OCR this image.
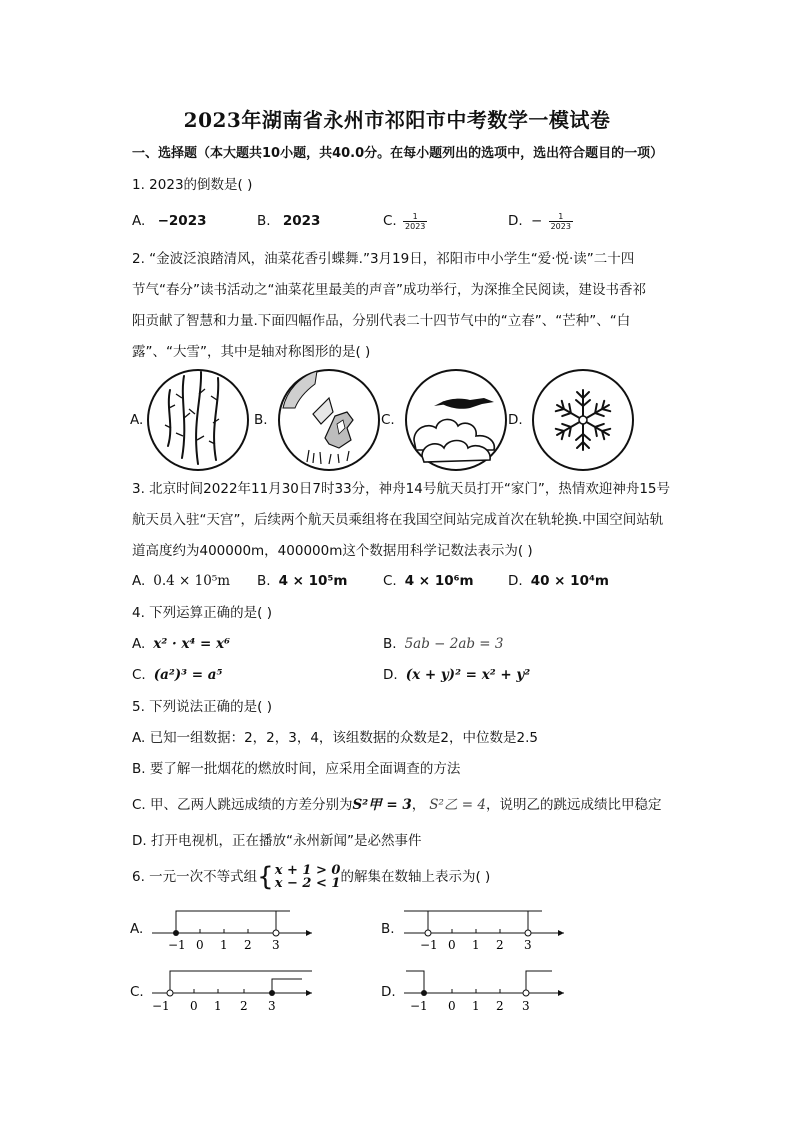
2023年湖南省永州市祁阳市中考数学一模试卷
一、选择题（本大题共10小题，共40.0分。在每小题列出的选项中，选出符合题目的一项）
1. 2023的倒数是( )
A. −2023	B. 2023	C. $\frac{1}{2023}$	D. − $\frac{1}{2023}$
2. “金波泛浪踏清风，油菜花香引蝶舞.”3月19日，祁阳市中小学生“爱·悦·读”二十四
节气“春分”读书活动之“油菜花里最美的声音”成功举行，为深推全民阅读，建设书香祁
阳贡献了智慧和力量.下面四幅作品，分别代表二十四节气中的“立春”、“芒种”、“白
露”、“大雪”，其中是轴对称图形的是( )
A.	B.	C.	D.
3. 北京时间2022年11月30日7时33分，神舟14号航天员打开“家门”，热情欢迎神舟15号
航天员入驻“天宫”，后续两个航天员乘组将在我国空间站完成首次在轨轮换.中国空间站轨
道高度约为400000m，400000m这个数据用科学记数法表示为( )
A. 0.4 × 10⁵m B. 4 × 10⁵m	C. 4 × 10⁶m	D. 40 × 10⁴m
4. 下列运算正确的是( )
A. x² · x⁴ = x⁶	B. 5ab − 2ab = 3
C. (a²)³ = a⁵	D. (x + y)² = x² + y²
5. 下列说法正确的是( )
A. 已知一组数据：2，2，3，4，该组数据的众数是2，中位数是2.5
B. 要了解一批烟花的燃放时间，应采用全面调查的方法
C. 甲、乙两人跳远成绩的方差分别为S²甲 = 3， S²乙 = 4，说明乙的跳远成绩比甲稳定
D. 打开电视机，正在播放“永州新闻”是必然事件
6. 一元一次不等式组{ x + 1 > 0
x − 2 < 1 的解集在数轴上表示为( )
A.	B.
C.	D.
−1 0 1 2 3	−1 0 1 2 3
−1 0 1 2 3	−1 0 1 2 3
